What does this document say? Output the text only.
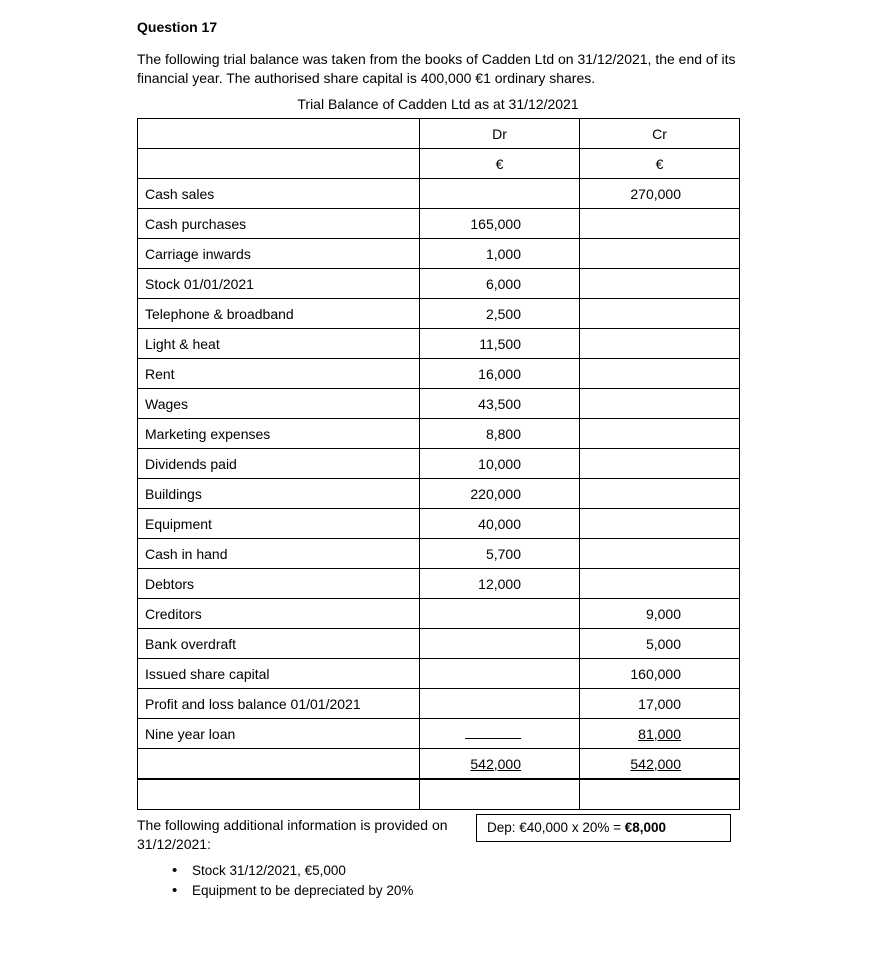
Question 17
The following trial balance was taken from the books of Cadden Ltd on 31/12/2021, the end of its financial year. The authorised share capital is 400,000 €1 ordinary shares.
Trial Balance of Cadden Ltd as at 31/12/2021
	Dr	Cr
	€	€
Cash sales		270,000
Cash purchases	165,000	
Carriage inwards	1,000	
Stock 01/01/2021	6,000	
Telephone & broadband	2,500	
Light & heat	11,500	
Rent	16,000	
Wages	43,500	
Marketing expenses	8,800	
Dividends paid	10,000	
Buildings	220,000	
Equipment	40,000	
Cash in hand	5,700	
Debtors	12,000	
Creditors		9,000
Bank overdraft		5,000
Issued share capital		160,000
Profit and loss balance 01/01/2021		17,000
Nine year loan		81,000
	542,000	542,000

The following additional information is provided on 31/12/2021:
Dep: €40,000 x 20% = €8,000
• Stock 31/12/2021, €5,000
• Equipment to be depreciated by 20%
